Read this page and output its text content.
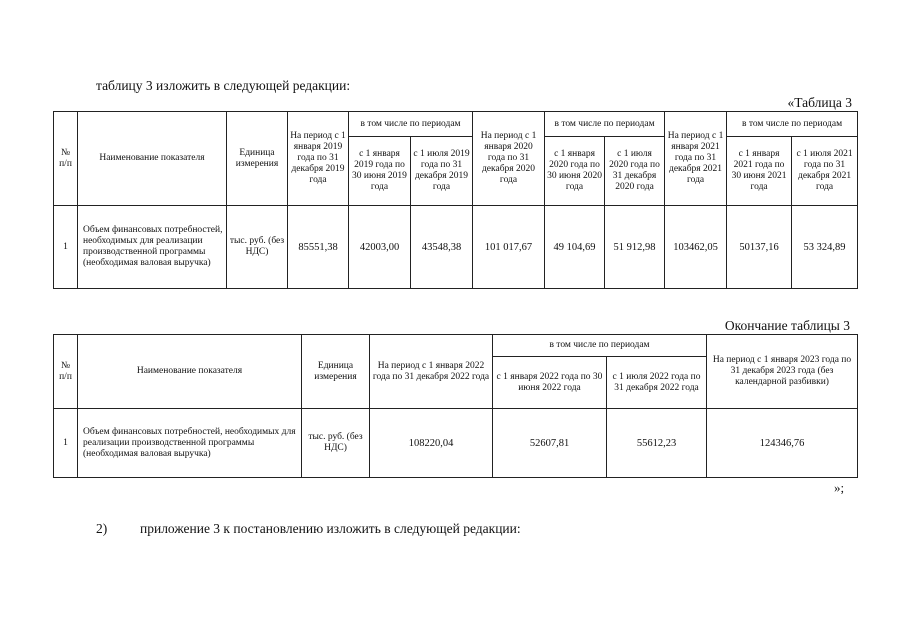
таблицу 3 изложить в следующей редакции:
«Таблица 3
№ п/п	Наименование показателя	Единица измерения	На период с 1 января 2019 года по 31 декабря 2019 года	в том числе по периодам		На период с 1 января 2020 года по 31 декабря 2020 года	в том числе по периодам		На период с 1 января 2021 года по 31 декабря 2021 года	в том числе по периодам	
				с 1 января 2019 года по 30 июня 2019 года	с 1 июля 2019 года по 31 декабря 2019 года		с 1 января 2020 года по 30 июня 2020 года	с 1 июля 2020 года по 31 декабря 2020 года		с 1 января 2021 года по 30 июня 2021 года	с 1 июля 2021 года по 31 декабря 2021 года
1	Объем финансовых потребностей, необходимых для реализации производственной программы (необходимая валовая выручка)	тыс. руб. (без НДС)	85551,38	42003,00	43548,38	101 017,67	49 104,69	51 912,98	103462,05	50137,16	53 324,89
Окончание таблицы 3
№ п/п	Наименование показателя	Единица измерения	На период с 1 января 2022 года по 31 декабря 2022 года	в том числе по периодам		На период с 1 января 2023 года по 31 декабря 2023 года (без календарной разбивки)
				с 1 января 2022 года по 30 июня 2022 года	с 1 июля 2022 года по 31 декабря 2022 года	
1	Объем финансовых потребностей, необходимых для реализации производственной программы (необходимая валовая выручка)	тыс. руб. (без НДС)	108220,04	52607,81	55612,23	124346,76
»;
2) приложение 3 к постановлению изложить в следующей редакции:
